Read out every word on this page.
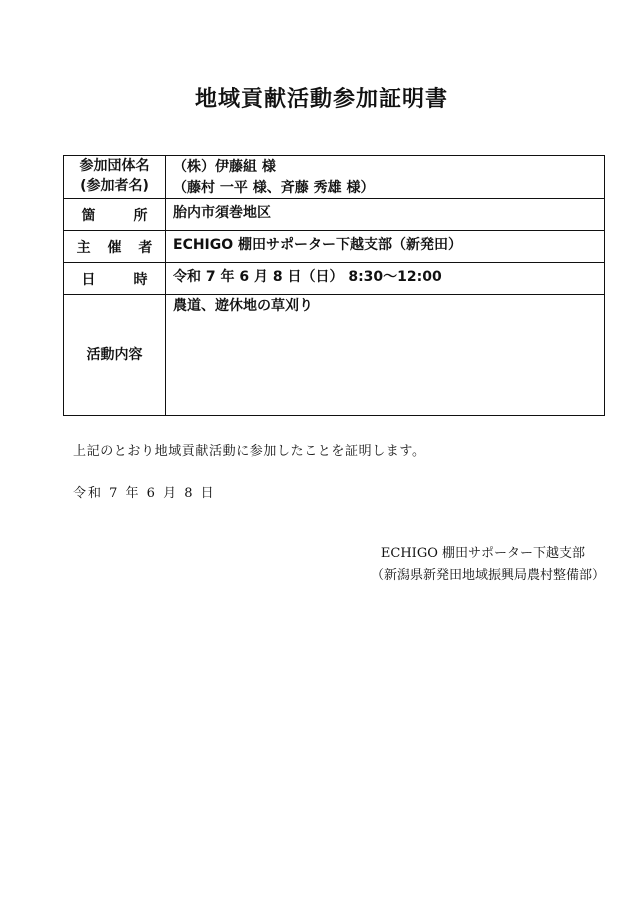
地域貢献活動参加証明書
参加団体名
(参加者名)	（株）伊藤組 様
（藤村 一平 様、斉藤 秀雄 様）

箇　所	胎内市須巻地区

主 催 者	ECHIGO 棚田サポーター下越支部（新発田）

日　時	令和 7 年 6 月 8 日（日） 8:30～12:00

活動内容	農道、遊休地の草刈り
上記のとおり地域貢献活動に参加したことを証明します。
令和 7 年 6 月 8 日
ECHIGO 棚田サポーター下越支部
（新潟県新発田地域振興局農村整備部）
